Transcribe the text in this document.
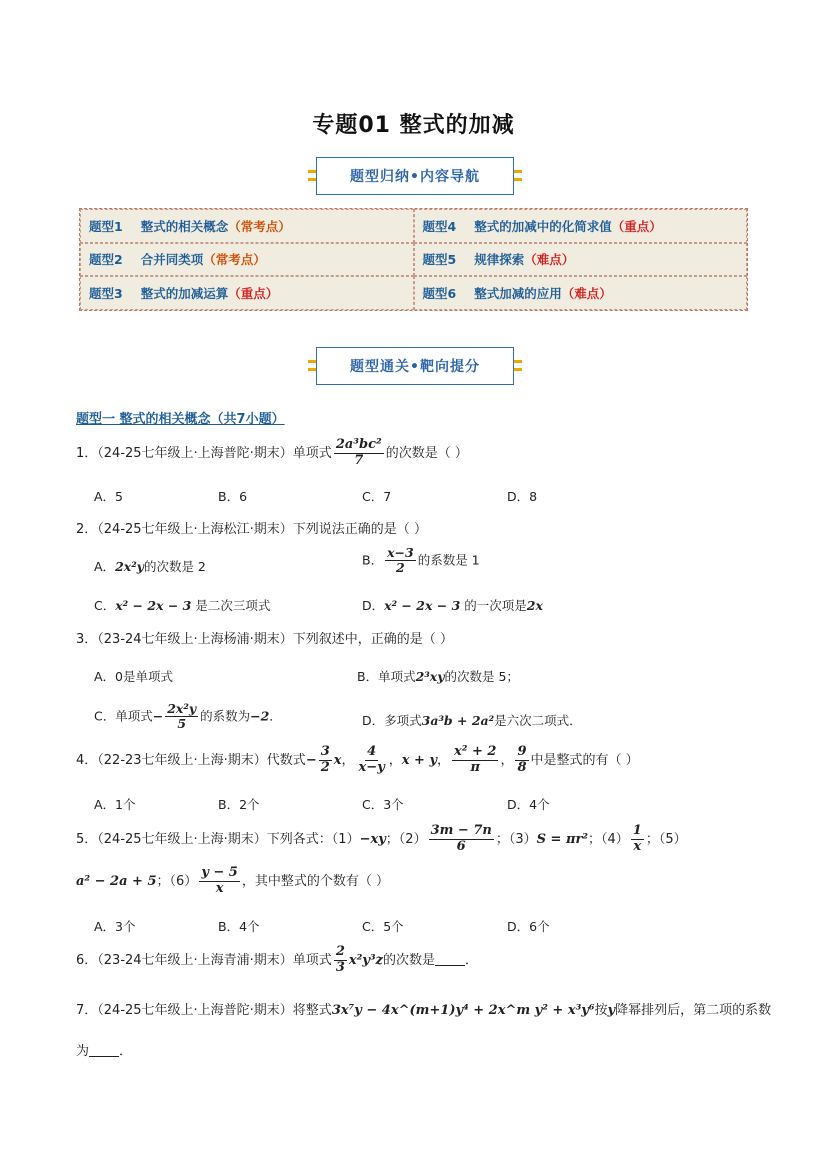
专题01 整式的加减
题型归纳•内容导航
题型1 整式的相关概念 （常考点）	题型4 整式的加减中的化简求值 （重点）
题型2 合并同类项 （常考点）	题型5 规律探索 （难点）
题型3 整式的加减运算 （重点）	题型6 整式加减的应用 （难点）
题型通关•靶向提分
题型一 整式的相关概念（共7小题）
1．（24-25七年级上·上海普陀·期末）单项式 $\frac{\text{2a³bc²}}{7}$ 的次数是（ ）
A．5	B．6	C．7	D．8
2．（24-25七年级上·上海松江·期末）下列说法正确的是（ ）
A．2x²y的次数是 2	B． $\frac{x-3}{2}$ 的系数是 1
C．x² − 2x − 3 是二次三项式	D．x² − 2x − 3 的一次项是2x
3．（23-24七年级上·上海杨浦·期末）下列叙述中，正确的是（ ）
A．0是单项式	B．单项式2³xy的次数是 5；
C．单项式− $\frac{\text{2x²y}}{5}$ 的系数为−2．	D．多项式3a³b + 2a²是六次二项式．
4．（22-23七年级上·上海·期末）代数式− $\frac{3}{2}$ x， $\frac{4}{x-y}$ ，x + y， $\frac{\text{x² + 2}}{\pi}$ ， $\frac{9}{8}$ 中是整式的有（ ）
A．1个	B．2个	C．3个	D．4个
5．（24-25七年级上·上海·期末）下列各式：（1）−xy；$(2) \frac{3m - 7n}{6}$ ；（3）S = πr²；$(4) \frac{1}{x}$ ；（5）
a² − 2a + 5；$(6) \frac{y - 5}{x}$ ，其中整式的个数有（ ）
A．3个	B．4个	C．5个	D．6个
6．（23-24七年级上·上海青浦·期末）单项式 $\frac{2}{3} x^2y^3z$的次数是 ．
7．（24-25七年级上·上海普陀·期末）将整式3x⁷y − 4x^(m+1)y⁴ + 2x^m y² + x³y⁶按y降幂排列后，第二项的系数
为 ．
